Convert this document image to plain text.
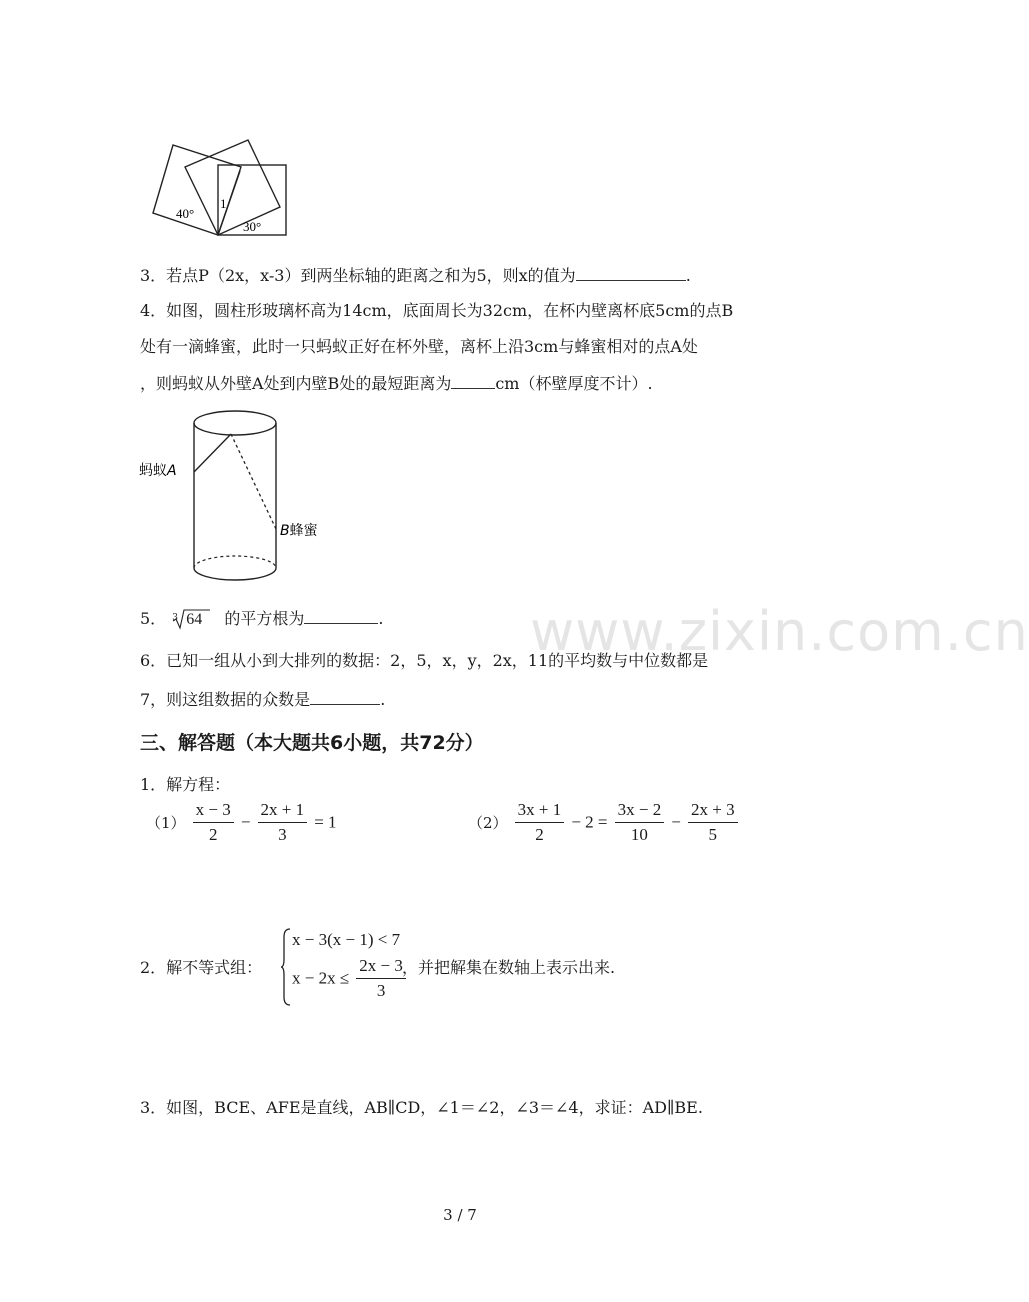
40°
1
30°
3．若点P（2x，x-3）到两坐标轴的距离之和为5，则x的值为	.
4．如图，圆柱形玻璃杯高为14cm，底面周长为32cm，在杯内壁离杯底5cm的点B
处有一滴蜂蜜，此时一只蚂蚁正好在杯外壁，离杯上沿3cm与蜂蜜相对的点A处
，则蚂蚁从外壁A处到内壁B处的最短距离为	cm（杯壁厚度不计）.
蚂蚁A
B蜂蜜
5． 3 64 的平方根为	.
6．已知一组从小到大排列的数据：2，5，x，y，2x，11的平均数与中位数都是
7，则这组数据的众数是	.
三、解答题（本大题共6小题，共72分）
1．解方程：
$(1) \frac{x - 3}{2} - \frac{2x + 1}{3} = 1$	$(2) \frac{3x + 1}{2} - 2 = \frac{3x - 2}{10} - \frac{2x + 3}{5}$
2．解不等式组：
x − 3(x − 1) < 7
$x - 2x \le \frac{2x - 3}{3}$
，并把解集在数轴上表示出来.
3．如图，BCE、AFE是直线，AB∥CD，∠1＝∠2，∠3＝∠4，求证：AD∥BE.
www.zixin.com.cn
3 / 7
